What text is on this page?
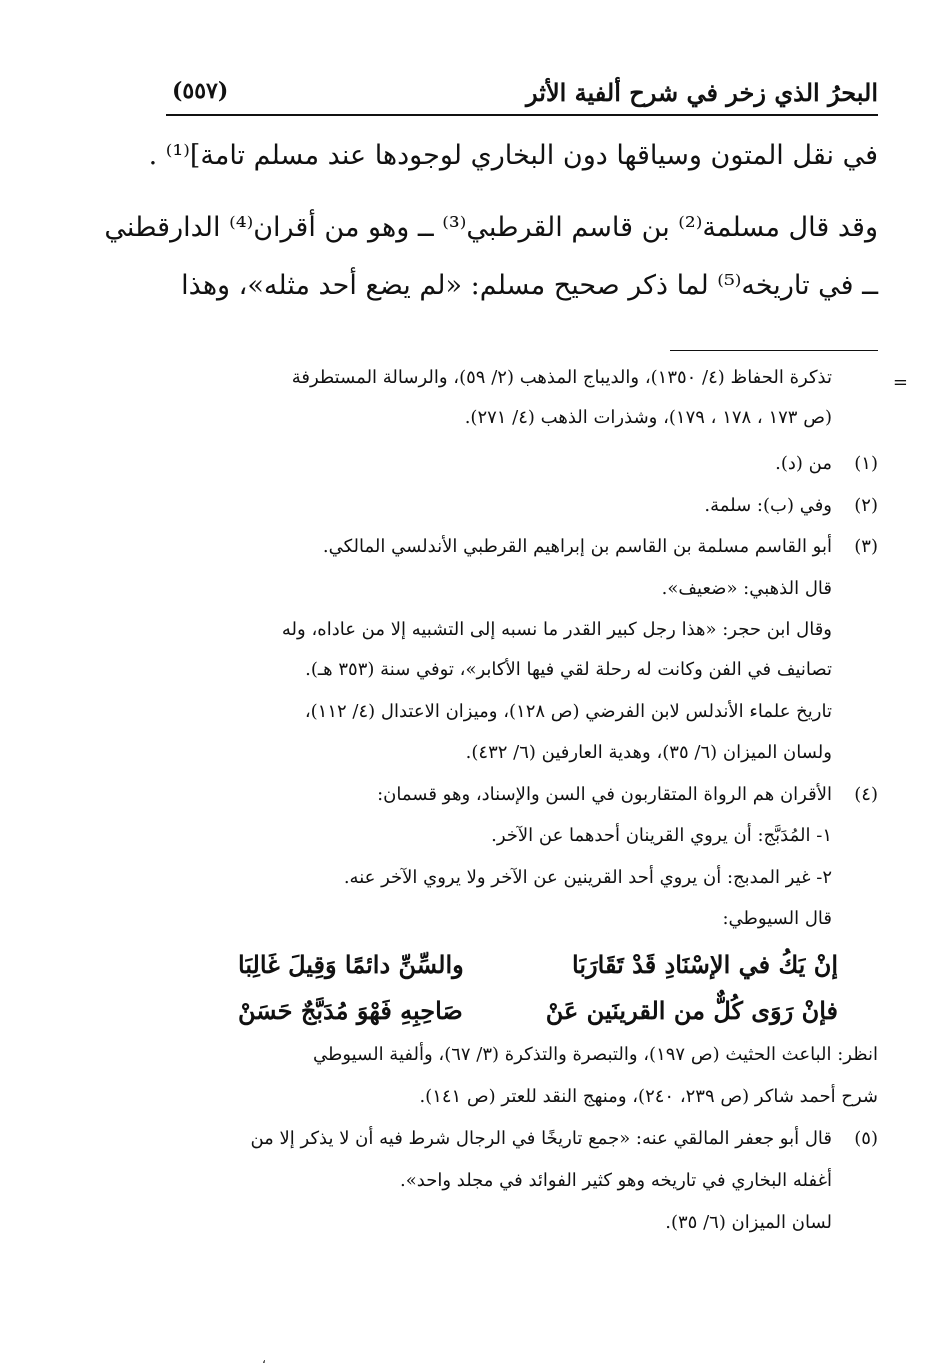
البحرُ الذي زخر في شرح ألفية الأثر
(٥٥٧)
في نقل المتون وسياقها دون البخاري لوجودها عند مسلم تامة]⁽¹⁾ .
وقد قال مسلمة⁽²⁾ بن قاسم القرطبي⁽³⁾ ــ وهو من أقران⁽⁴⁾ الدارقطني
ــ في تاريخه⁽⁵⁾ لما ذكر صحيح مسلم: «لم يضع أحد مثله»، وهذا
=
تذكرة الحفاظ (٤/ ١٣٥٠)، والديباج المذهب (٢/ ٥٩)، والرسالة المستطرفة
(ص ١٧٣ ، ١٧٨ ، ١٧٩)، وشذرات الذهب (٤/ ٢٧١).
(١)
من (د).
(٢)
وفي (ب): سلمة.
(٣)
أبو القاسم مسلمة بن القاسم بن إبراهيم القرطبي الأندلسي المالكي.
قال الذهبي: «ضعيف».
وقال ابن حجر: «هذا رجل كبير القدر ما نسبه إلى التشبيه إلا من عاداه، وله
تصانيف في الفن وكانت له رحلة لقي فيها الأكابر»، توفي سنة (٣٥٣ هـ).
تاريخ علماء الأندلس لابن الفرضي (ص ١٢٨)، وميزان الاعتدال (٤/ ١١٢)،
ولسان الميزان (٦/ ٣٥)، وهدية العارفين (٦/ ٤٣٢).
(٤)
الأقران هم الرواة المتقاربون في السن والإسناد، وهو قسمان:
١- المُدَبَّج: أن يروي القرينان أحدهما عن الآخر.
٢- غير المدبج: أن يروي أحد القرينين عن الآخر ولا يروي الآخر عنه.
قال السيوطي:
إنْ يَكُ في الإسْنَادِ قَدْ تَقَارَبَا
والسِّنِّ دائمًا وَقِيلَ غَالِبَا
فإنْ رَوَى كُلٌّ من القرينَين عَنْ
صَاحِبِهِ فَهْوَ مُدَبَّجٌ حَسَنْ
انظر: الباعث الحثيث (ص ١٩٧)، والتبصرة والتذكرة (٣/ ٦٧)، وألفية السيوطي
شرح أحمد شاكر (ص ٢٣٩، ٢٤٠)، ومنهج النقد للعتر (ص ١٤١).
(٥)
قال أبو جعفر المالقي عنه: «جمع تاريخًا في الرجال شرط فيه أن لا يذكر إلا من
أغفله البخاري في تاريخه وهو كثير الفوائد في مجلد واحد».
لسان الميزان (٦/ ٣٥).
،
